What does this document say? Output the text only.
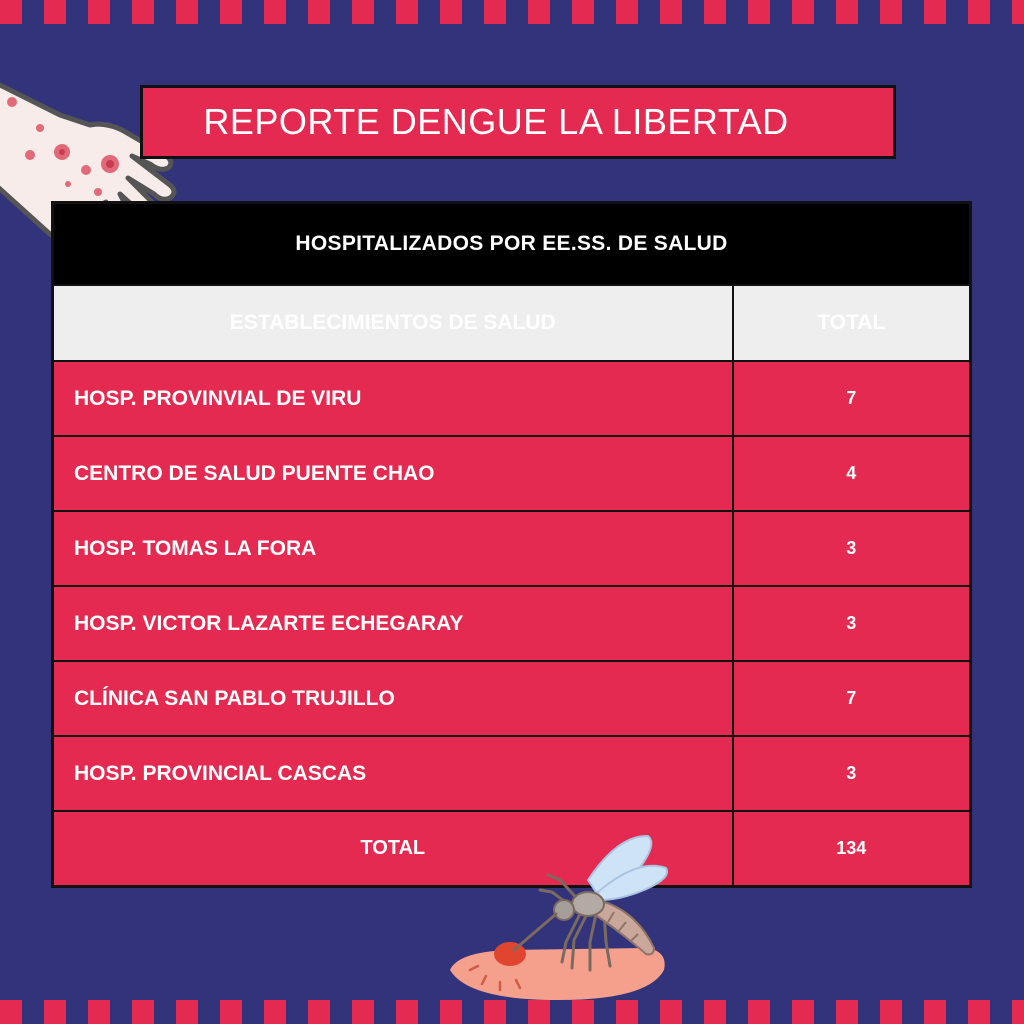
REPORTE DENGUE LA LIBERTAD
HOSPITALIZADOS POR EE.SS. DE SALUD	
ESTABLECIMIENTOS DE SALUD	TOTAL
HOSP. PROVINVIAL DE VIRU	7
CENTRO DE SALUD PUENTE CHAO	4
HOSP. TOMAS LA FORA	3
HOSP. VICTOR LAZARTE ECHEGARAY	3
CLÍNICA SAN PABLO TRUJILLO	7
HOSP. PROVINCIAL CASCAS	3
TOTAL	134
